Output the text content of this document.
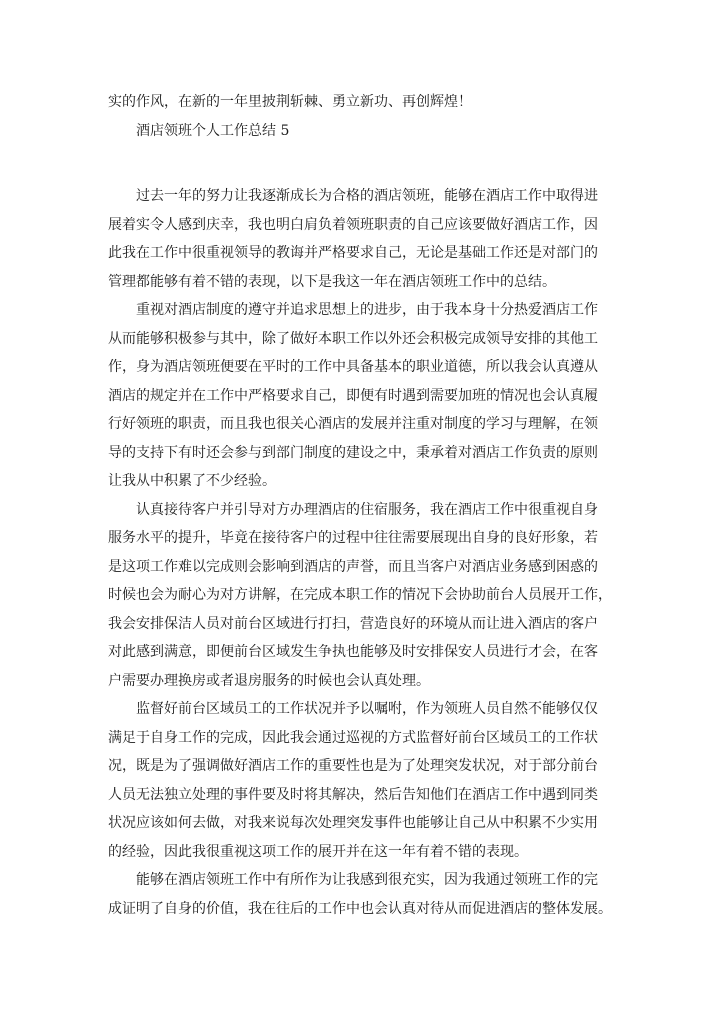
实的作风，在新的一年里披荆斩棘、勇立新功、再创辉煌！
酒店领班个人工作总结 5
过去一年的努力让我逐渐成长为合格的酒店领班，能够在酒店工作中取得进
展着实令人感到庆幸，我也明白肩负着领班职责的自己应该要做好酒店工作，因
此我在工作中很重视领导的教诲并严格要求自己，无论是基础工作还是对部门的
管理都能够有着不错的表现，以下是我这一年在酒店领班工作中的总结。
重视对酒店制度的遵守并追求思想上的进步，由于我本身十分热爱酒店工作
从而能够积极参与其中，除了做好本职工作以外还会积极完成领导安排的其他工
作，身为酒店领班便要在平时的工作中具备基本的职业道德，所以我会认真遵从
酒店的规定并在工作中严格要求自己，即便有时遇到需要加班的情况也会认真履
行好领班的职责，而且我也很关心酒店的发展并注重对制度的学习与理解，在领
导的支持下有时还会参与到部门制度的建设之中，秉承着对酒店工作负责的原则
让我从中积累了不少经验。
认真接待客户并引导对方办理酒店的住宿服务，我在酒店工作中很重视自身
服务水平的提升，毕竟在接待客户的过程中往往需要展现出自身的良好形象，若
是这项工作难以完成则会影响到酒店的声誉，而且当客户对酒店业务感到困惑的
时候也会为耐心为对方讲解，在完成本职工作的情况下会协助前台人员展开工作，
我会安排保洁人员对前台区域进行打扫，营造良好的环境从而让进入酒店的客户
对此感到满意，即便前台区域发生争执也能够及时安排保安人员进行才会，在客
户需要办理换房或者退房服务的时候也会认真处理。
监督好前台区域员工的工作状况并予以嘱咐，作为领班人员自然不能够仅仅
满足于自身工作的完成，因此我会通过巡视的方式监督好前台区域员工的工作状
况，既是为了强调做好酒店工作的重要性也是为了处理突发状况，对于部分前台
人员无法独立处理的事件要及时将其解决，然后告知他们在酒店工作中遇到同类
状况应该如何去做，对我来说每次处理突发事件也能够让自己从中积累不少实用
的经验，因此我很重视这项工作的展开并在这一年有着不错的表现。
能够在酒店领班工作中有所作为让我感到很充实，因为我通过领班工作的完
成证明了自身的价值，我在往后的工作中也会认真对待从而促进酒店的整体发展。
